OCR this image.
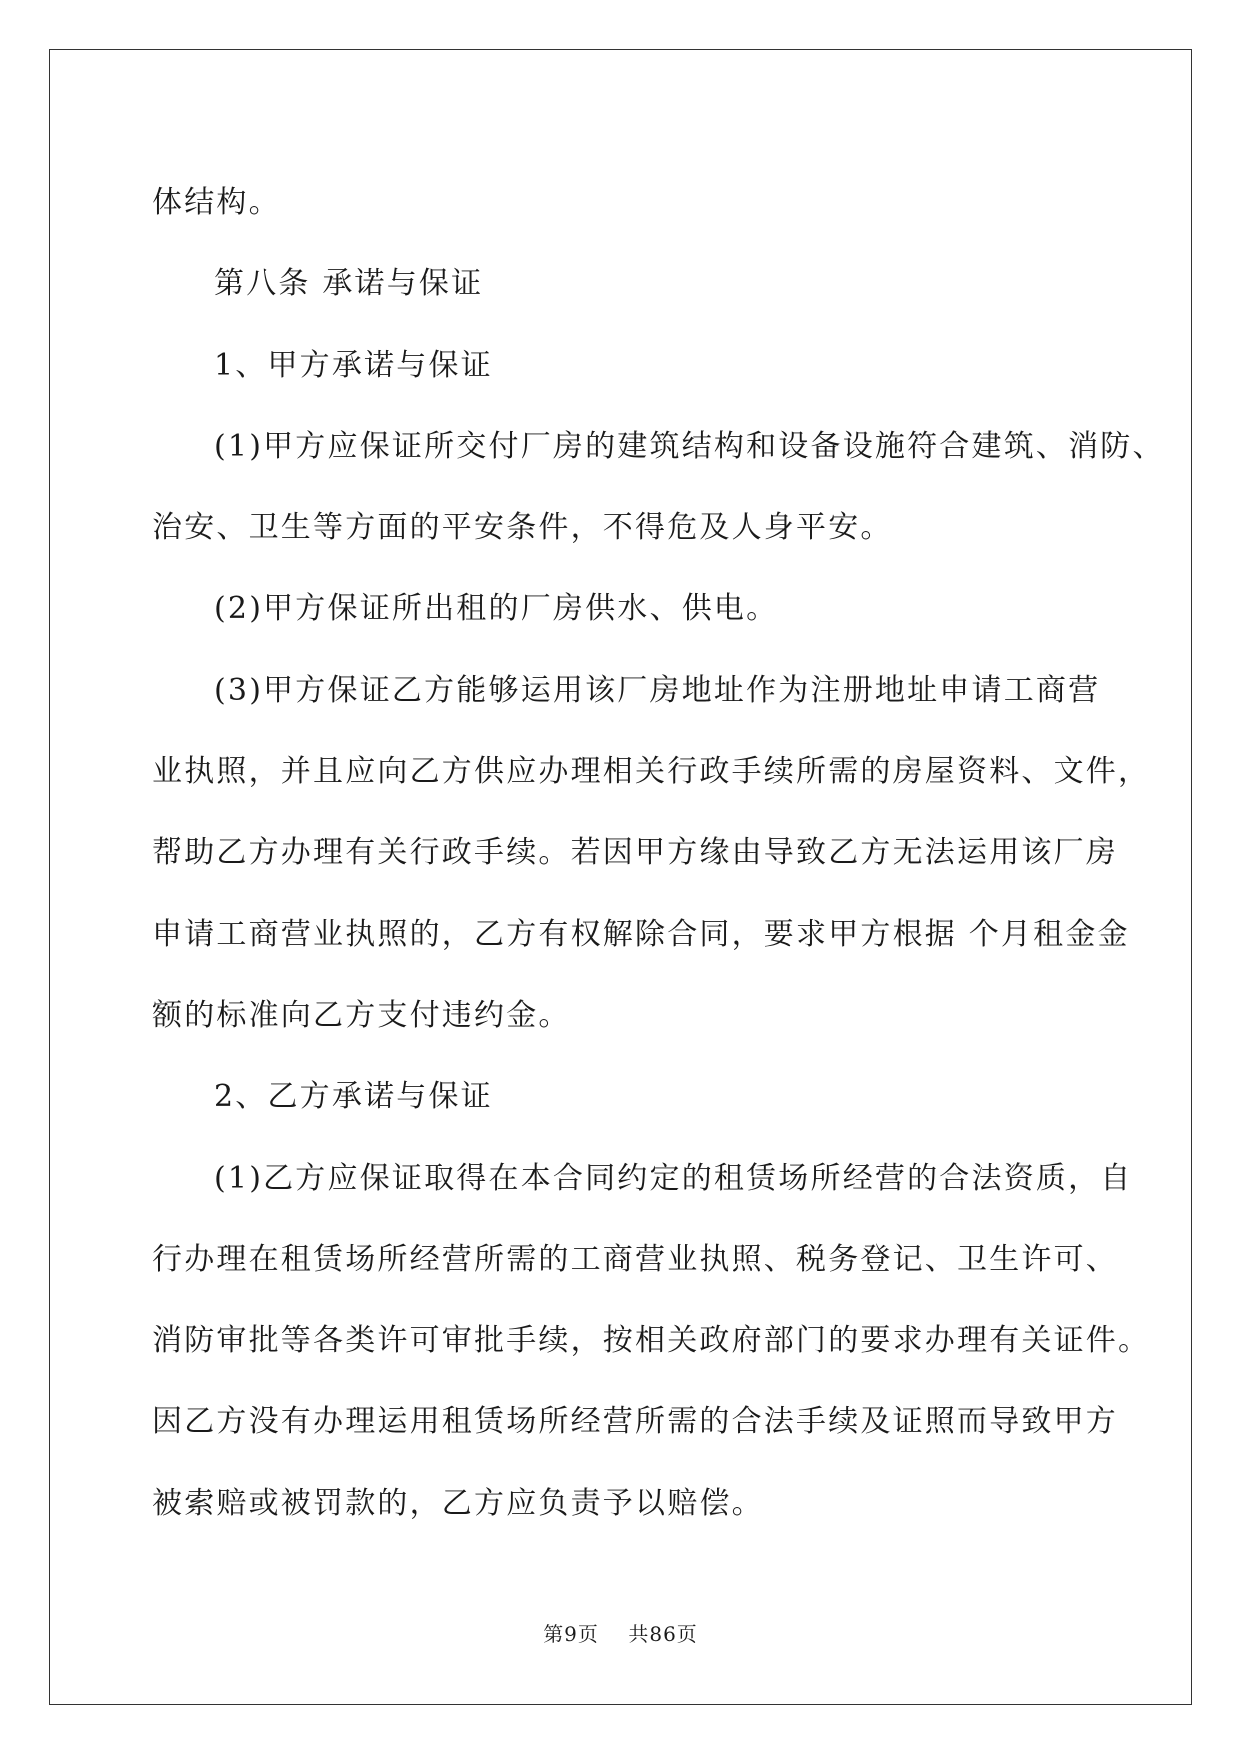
体结构。
第八条 承诺与保证
1、甲方承诺与保证
(1)甲方应保证所交付厂房的建筑结构和设备设施符合建筑、消防、
治安、卫生等方面的平安条件，不得危及人身平安。
(2)甲方保证所出租的厂房供水、供电。
(3)甲方保证乙方能够运用该厂房地址作为注册地址申请工商营
业执照，并且应向乙方供应办理相关行政手续所需的房屋资料、文件，
帮助乙方办理有关行政手续。若因甲方缘由导致乙方无法运用该厂房
申请工商营业执照的，乙方有权解除合同，要求甲方根据 个月租金金
额的标准向乙方支付违约金。
2、乙方承诺与保证
(1)乙方应保证取得在本合同约定的租赁场所经营的合法资质，自
行办理在租赁场所经营所需的工商营业执照、税务登记、卫生许可、
消防审批等各类许可审批手续，按相关政府部门的要求办理有关证件。
因乙方没有办理运用租赁场所经营所需的合法手续及证照而导致甲方
被索赔或被罚款的，乙方应负责予以赔偿。
第9页 共86页
